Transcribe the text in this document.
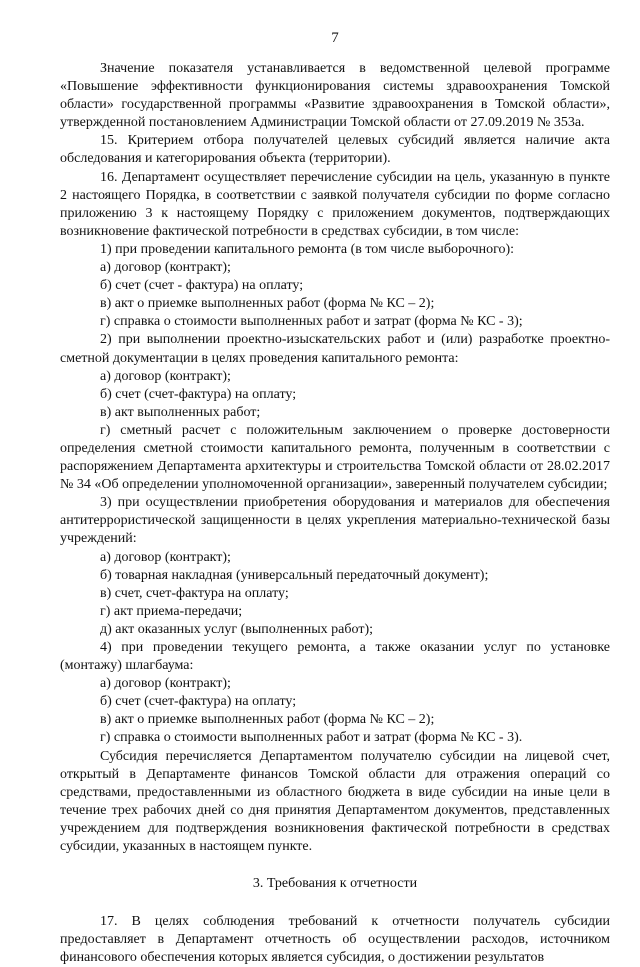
7

Значение показателя устанавливается в ведомственной целевой программе «Повышение эффективности функционирования системы здравоохранения Томской области» государственной программы «Развитие здравоохранения в Томской области», утвержденной постановлением Администрации Томской области от 27.09.2019 № 353а.

15. Критерием отбора получателей целевых субсидий является наличие акта обследования и категорирования объекта (территории).

16. Департамент осуществляет перечисление субсидии на цель, указанную в пункте 2 настоящего Порядка, в соответствии с заявкой получателя субсидии по форме согласно приложению 3 к настоящему Порядку с приложением документов, подтверждающих возникновение фактической потребности в средствах субсидии, в том числе:

1) при проведении капитального ремонта (в том числе выборочного):

а) договор (контракт);

б) счет (счет - фактура) на оплату;

в) акт о приемке выполненных работ (форма № КС – 2);

г) справка о стоимости выполненных работ и затрат (форма № КС - 3);

2) при выполнении проектно-изыскательских работ и (или) разработке проектно-сметной документации в целях проведения капитального ремонта:

а) договор (контракт);

б) счет (счет-фактура) на оплату;

в) акт выполненных работ;

г) сметный расчет с положительным заключением о проверке достоверности определения сметной стоимости капитального ремонта, полученным в соответствии с распоряжением Департамента архитектуры и строительства Томской области от 28.02.2017 № 34 «Об определении уполномоченной организации», заверенный получателем субсидии;

3) при осуществлении приобретения оборудования и материалов для обеспечения антитеррористической защищенности в целях укрепления материально-технической базы учреждений:

а) договор (контракт);

б) товарная накладная (универсальный передаточный документ);

в) счет, счет-фактура на оплату;

г) акт приема-передачи;

д) акт оказанных услуг (выполненных работ);

4) при проведении текущего ремонта, а также оказании услуг по установке (монтажу) шлагбаума:

а) договор (контракт);

б) счет (счет-фактура) на оплату;

в) акт о приемке выполненных работ (форма № КС – 2);

г) справка о стоимости выполненных работ и затрат (форма № КС - 3).

Субсидия перечисляется Департаментом получателю субсидии на лицевой счет, открытый в Департаменте финансов Томской области для отражения операций со средствами, предоставленными из областного бюджета в виде субсидии на иные цели в течение трех рабочих дней со дня принятия Департаментом документов, представленных учреждением для подтверждения возникновения фактической потребности в средствах субсидии, указанных в настоящем пункте.

3. Требования к отчетности

17. В целях соблюдения требований к отчетности получатель субсидии предоставляет в Департамент отчетность об осуществлении расходов, источником финансового обеспечения которых является субсидия, о достижении результатов
